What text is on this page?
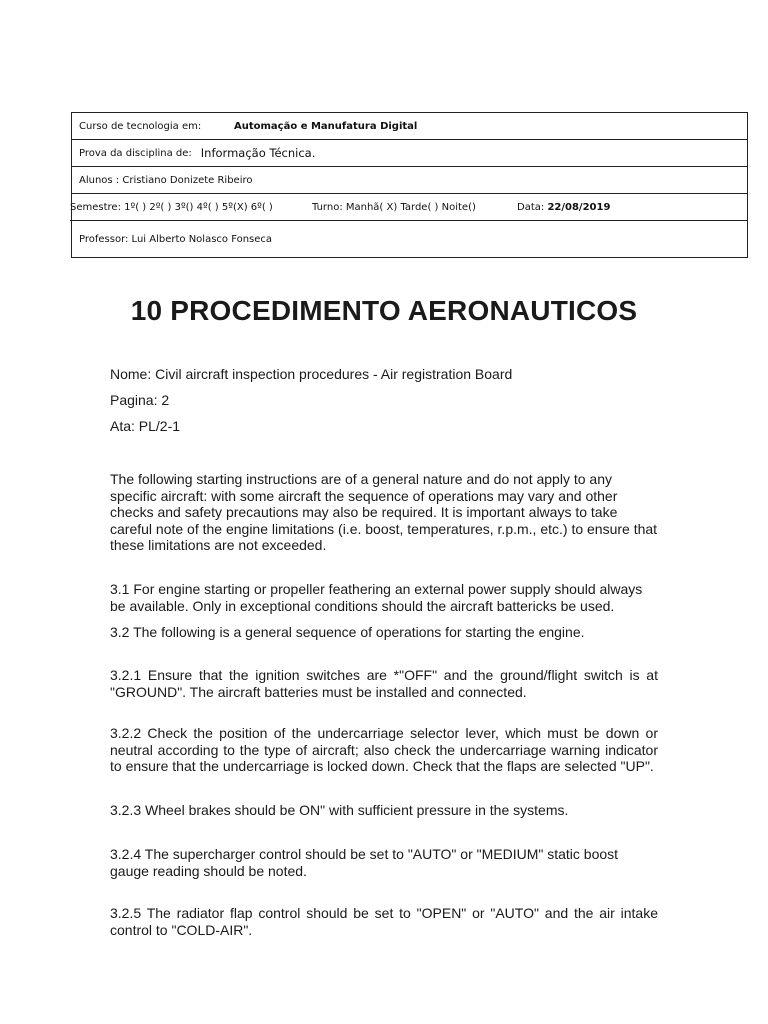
Curso de tecnologia em:	Automação e Manufatura Digital
Prova da disciplina de: Informação Técnica.
Alunos : Cristiano Donizete Ribeiro
Semestre: 1º( ) 2º( ) 3º() 4º( ) 5º(X) 6º( )	Turno: Manhã( X) Tarde( ) Noite()	Data: 22/08/2019
Professor: Lui Alberto Nolasco Fonseca
10 PROCEDIMENTO AERONAUTICOS
Nome: Civil aircraft inspection procedures - Air registration Board
Pagina: 2
Ata: PL/2-1

The following starting instructions are of a general nature and do not apply to any specific aircraft: with some aircraft the sequence of operations may vary and other checks and safety precautions may also be required. It is important always to take careful note of the engine limitations (i.e. boost, temperatures, r.p.m., etc.) to ensure that these limitations are not exceeded.

3.1 For engine starting or propeller feathering an external power supply should always be available. Only in exceptional conditions should the aircraft battericks be used.

3.2 The following is a general sequence of operations for starting the engine.

3.2.1 Ensure that the ignition switches are *"OFF" and the ground/flight switch is at "GROUND". The aircraft batteries must be installed and connected.

3.2.2 Check the position of the undercarriage selector lever, which must be down or neutral according to the type of aircraft; also check the undercarriage warning indicator to ensure that the undercarriage is locked down. Check that the flaps are selected "UP".

3.2.3 Wheel brakes should be ON" with sufficient pressure in the systems.

3.2.4 The supercharger control should be set to "AUTO" or "MEDIUM" static boost gauge reading should be noted.

3.2.5 The radiator flap control should be set to "OPEN" or "AUTO" and the air intake control to "COLD-AIR".
